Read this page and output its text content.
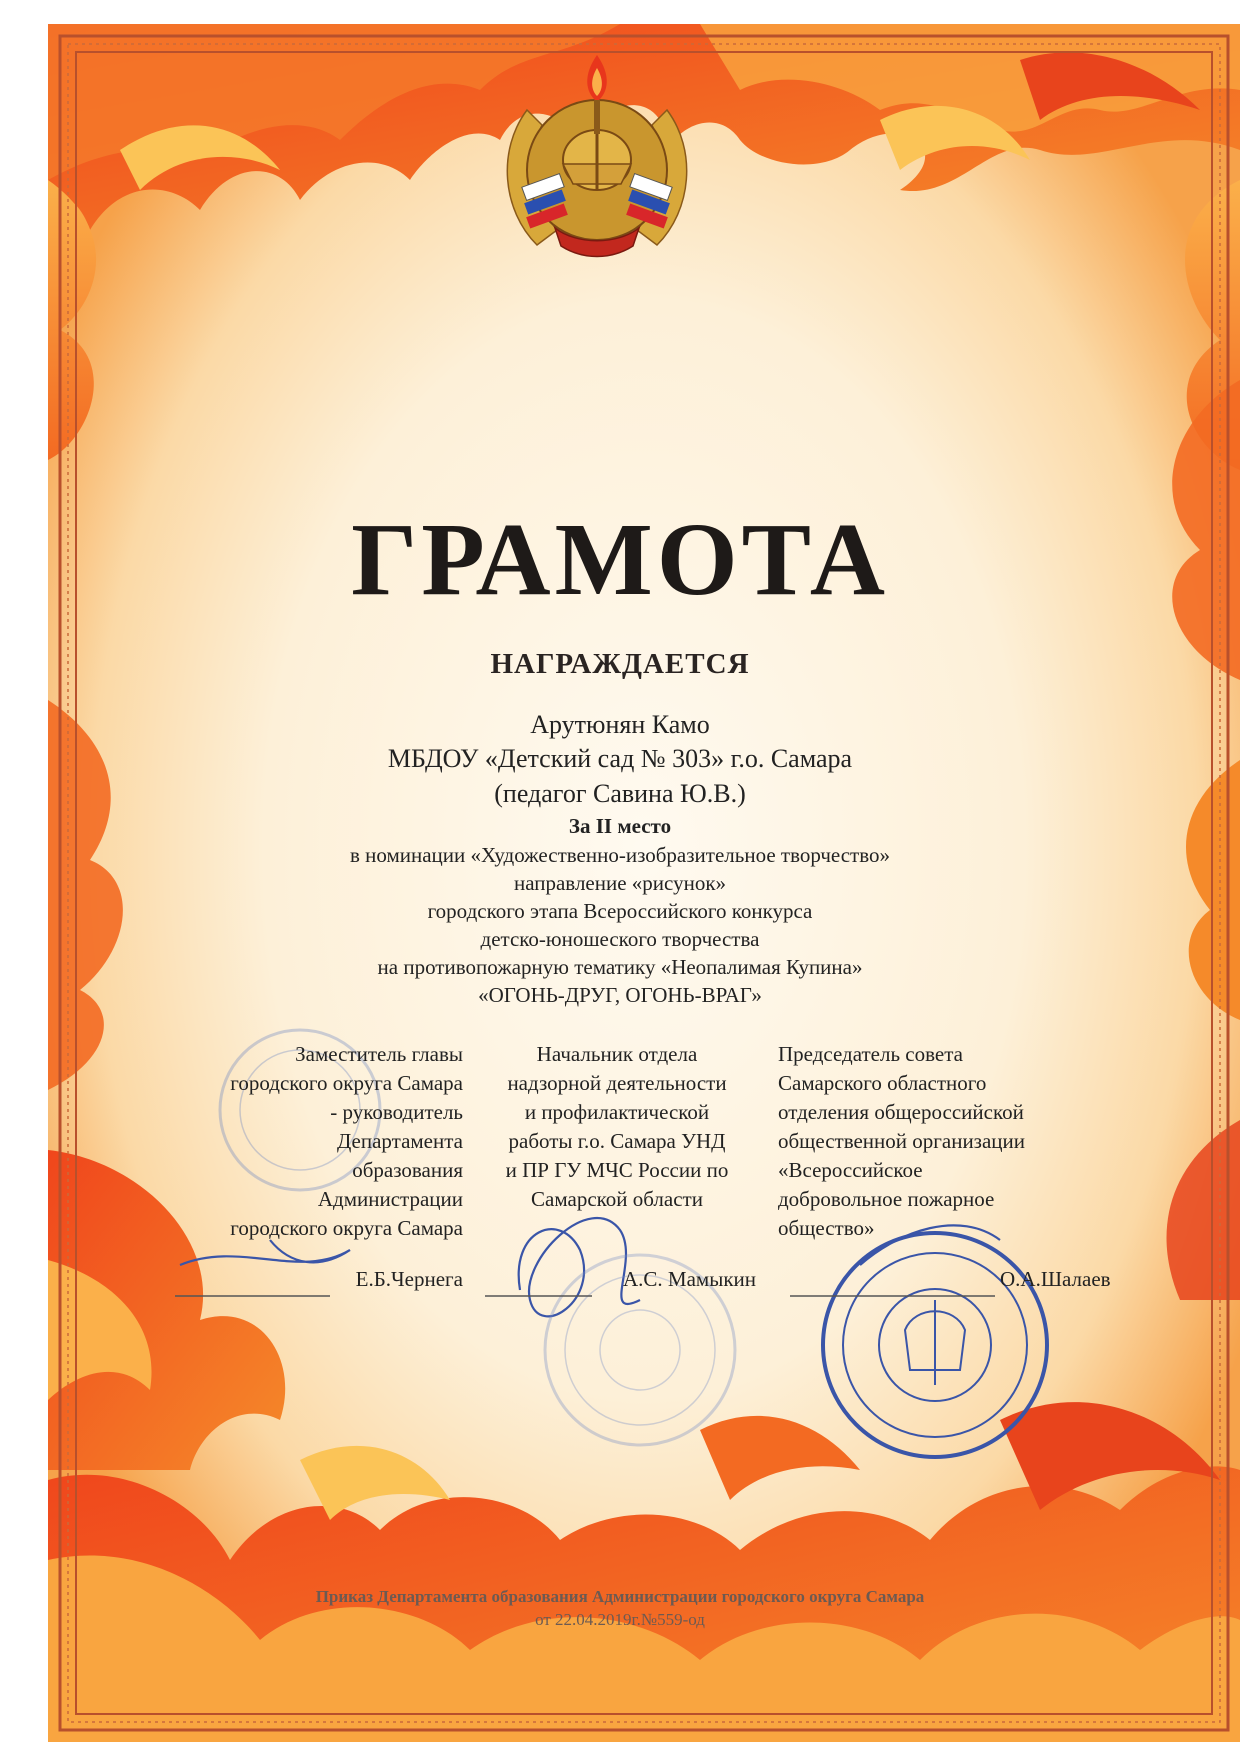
ГРАМОТА
НАГРАЖДАЕТСЯ
Арутюнян Камо
МБДОУ «Детский сад № 303» г.о. Самара
(педагог Савина Ю.В.)
За II место
в номинации «Художественно-изобразительное творчество»
направление «рисунок»
городского этапа Всероссийского конкурса
детско-юношеского творчества
на противопожарную тематику «Неопалимая Купина»
«ОГОНЬ-ДРУГ, ОГОНЬ-ВРАГ»
Заместитель главы
городского округа Самара
- руководитель
Департамента
образования
Администрации
городского округа Самара
Начальник отдела
надзорной деятельности
и профилактической
работы г.о. Самара УНД
и ПР ГУ МЧС России по
Самарской области
Председатель совета
Самарского областного
отделения общероссийской
общественной организации
«Всероссийское
добровольное пожарное
общество»
Е.Б.Чернега	А.С. Мамыкин	О.А.Шалаев
Приказ Департамента образования Администрации городского округа Самара
от 22.04.2019г.№559-од
